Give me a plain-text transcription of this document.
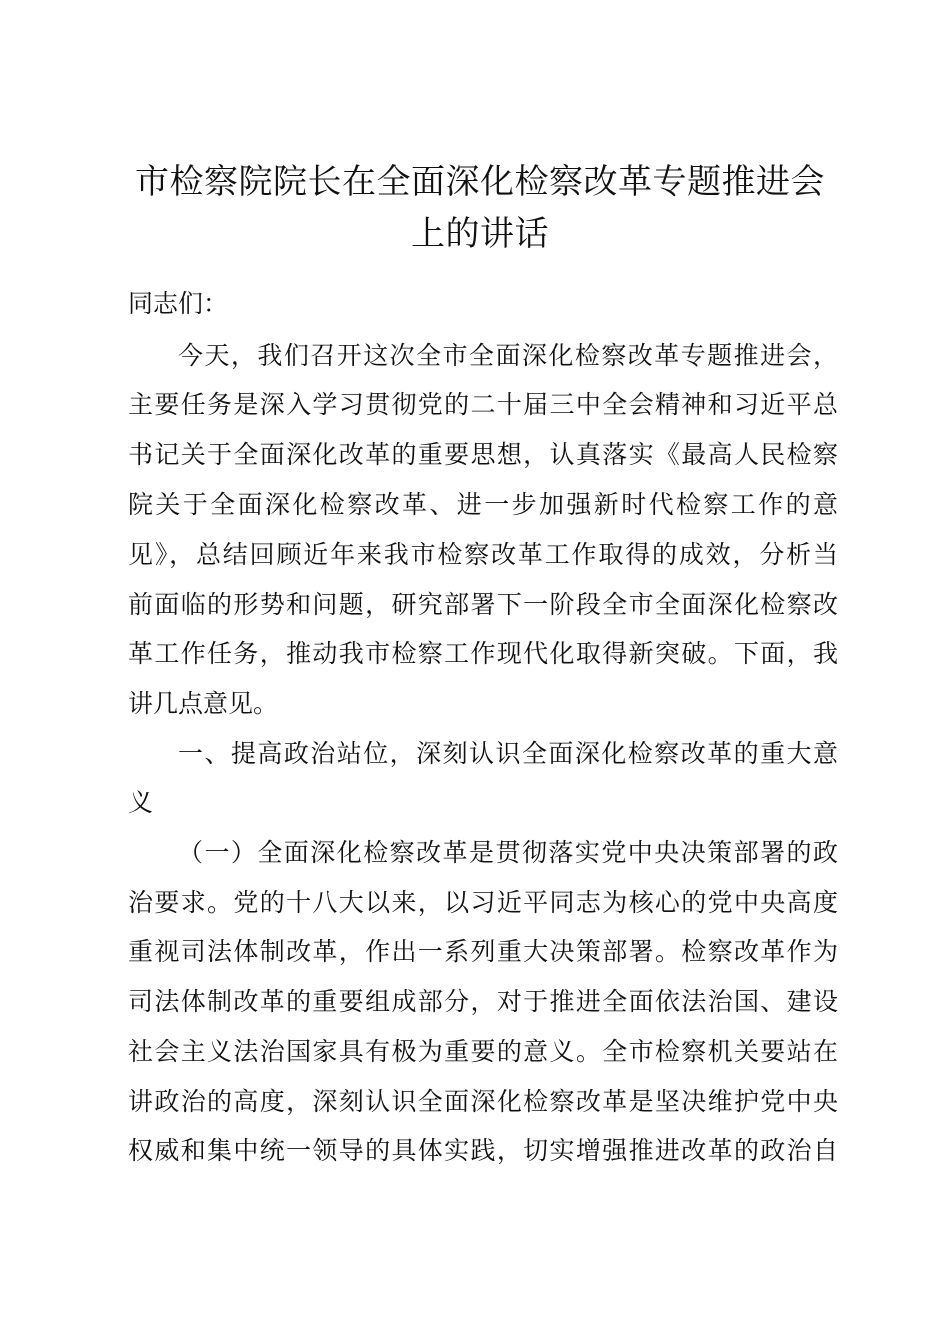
市检察院院长在全面深化检察改革专题推进会
上的讲话

同志们：

今天，我们召开这次全市全面深化检察改革专题推进会，

主要任务是深入学习贯彻党的二十届三中全会精神和习近平总

书记关于全面深化改革的重要思想，认真落实《最高人民检察

院关于全面深化检察改革、进一步加强新时代检察工作的意

见》，总结回顾近年来我市检察改革工作取得的成效，分析当

前面临的形势和问题，研究部署下一阶段全市全面深化检察改

革工作任务，推动我市检察工作现代化取得新突破。下面，我

讲几点意见。

一、提高政治站位，深刻认识全面深化检察改革的重大意

义

（一）全面深化检察改革是贯彻落实党中央决策部署的政

治要求。党的十八大以来，以习近平同志为核心的党中央高度

重视司法体制改革，作出一系列重大决策部署。检察改革作为

司法体制改革的重要组成部分，对于推进全面依法治国、建设

社会主义法治国家具有极为重要的意义。全市检察机关要站在

讲政治的高度，深刻认识全面深化检察改革是坚决维护党中央

权威和集中统一领导的具体实践，切实增强推进改革的政治自
